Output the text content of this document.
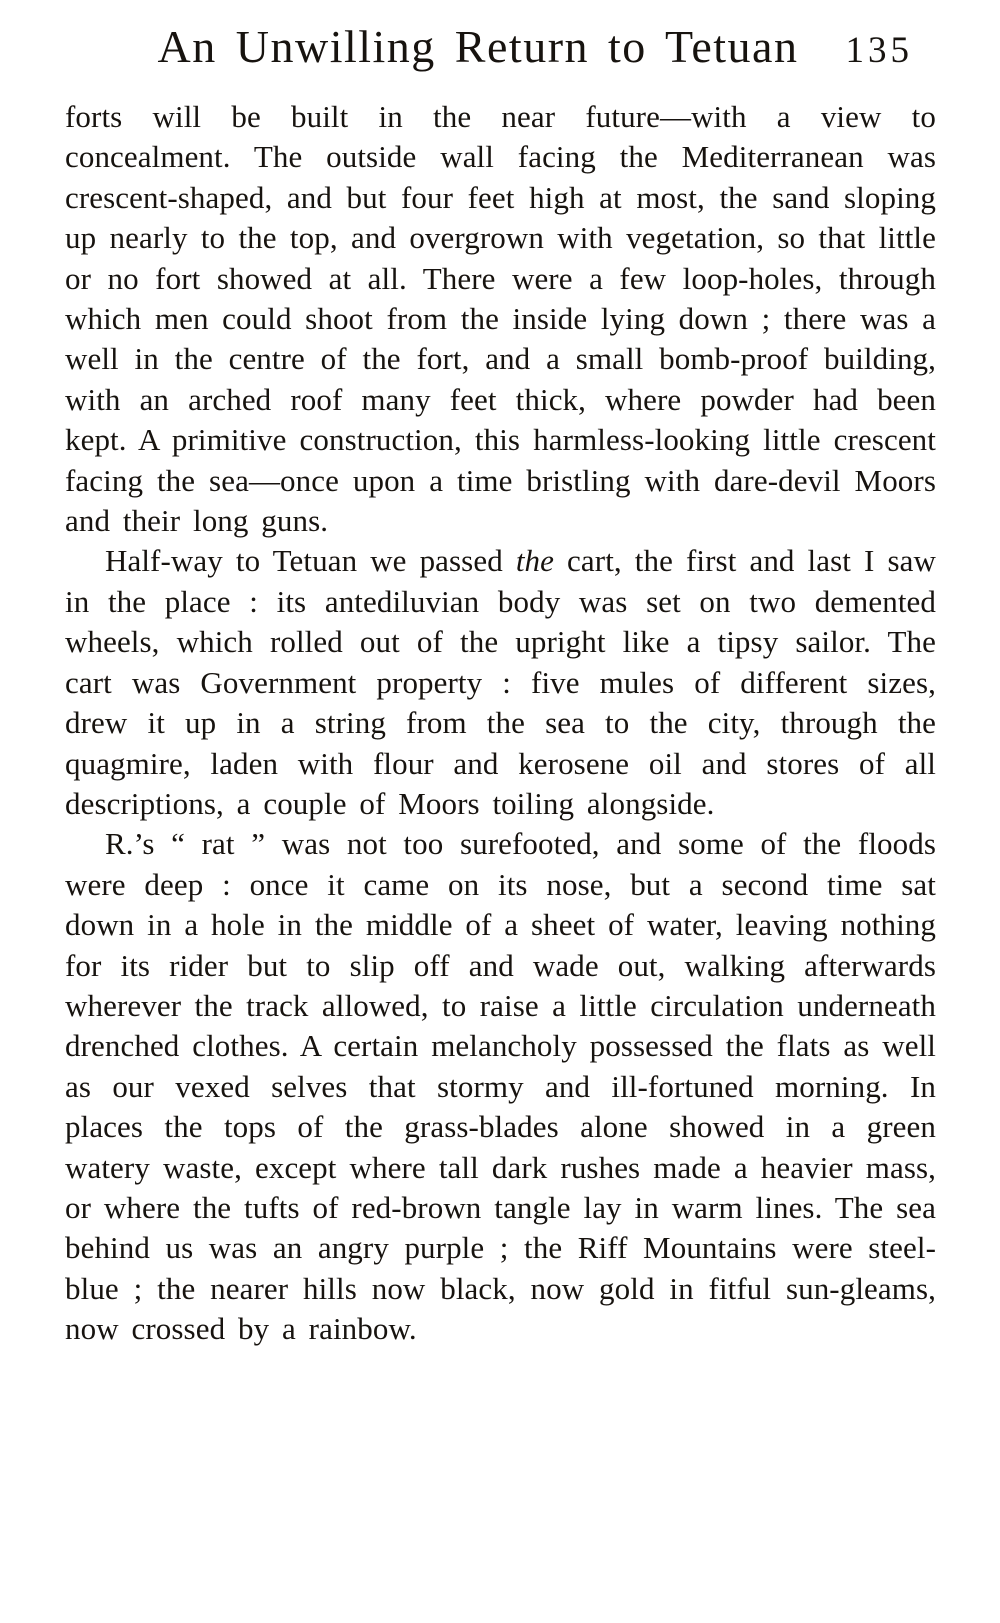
An Unwilling Return to Tetuan 135

forts will be built in the near future—with a view to concealment. The outside wall facing the Mediterranean was crescent-shaped, and but four feet high at most, the sand sloping up nearly to the top, and overgrown with vegetation, so that little or no fort showed at all. There were a few loop-holes, through which men could shoot from the inside lying down ; there was a well in the centre of the fort, and a small bomb-proof building, with an arched roof many feet thick, where powder had been kept. A primitive construction, this harmless-looking little crescent facing the sea—once upon a time bristling with dare-devil Moors and their long guns.

Half-way to Tetuan we passed the cart, the first and last I saw in the place : its antediluvian body was set on two demented wheels, which rolled out of the upright like a tipsy sailor. The cart was Government property : five mules of different sizes, drew it up in a string from the sea to the city, through the quagmire, laden with flour and kerosene oil and stores of all descriptions, a couple of Moors toiling alongside.

R.’s “ rat ” was not too surefooted, and some of the floods were deep : once it came on its nose, but a second time sat down in a hole in the middle of a sheet of water, leaving nothing for its rider but to slip off and wade out, walking afterwards wherever the track allowed, to raise a little circulation underneath drenched clothes. A certain melancholy possessed the flats as well as our vexed selves that stormy and ill-fortuned morning. In places the tops of the grass-blades alone showed in a green watery waste, except where tall dark rushes made a heavier mass, or where the tufts of red-brown tangle lay in warm lines. The sea behind us was an angry purple ; the Riff Mountains were steel-blue ; the nearer hills now black, now gold in fitful sun-gleams, now crossed by a rainbow.
